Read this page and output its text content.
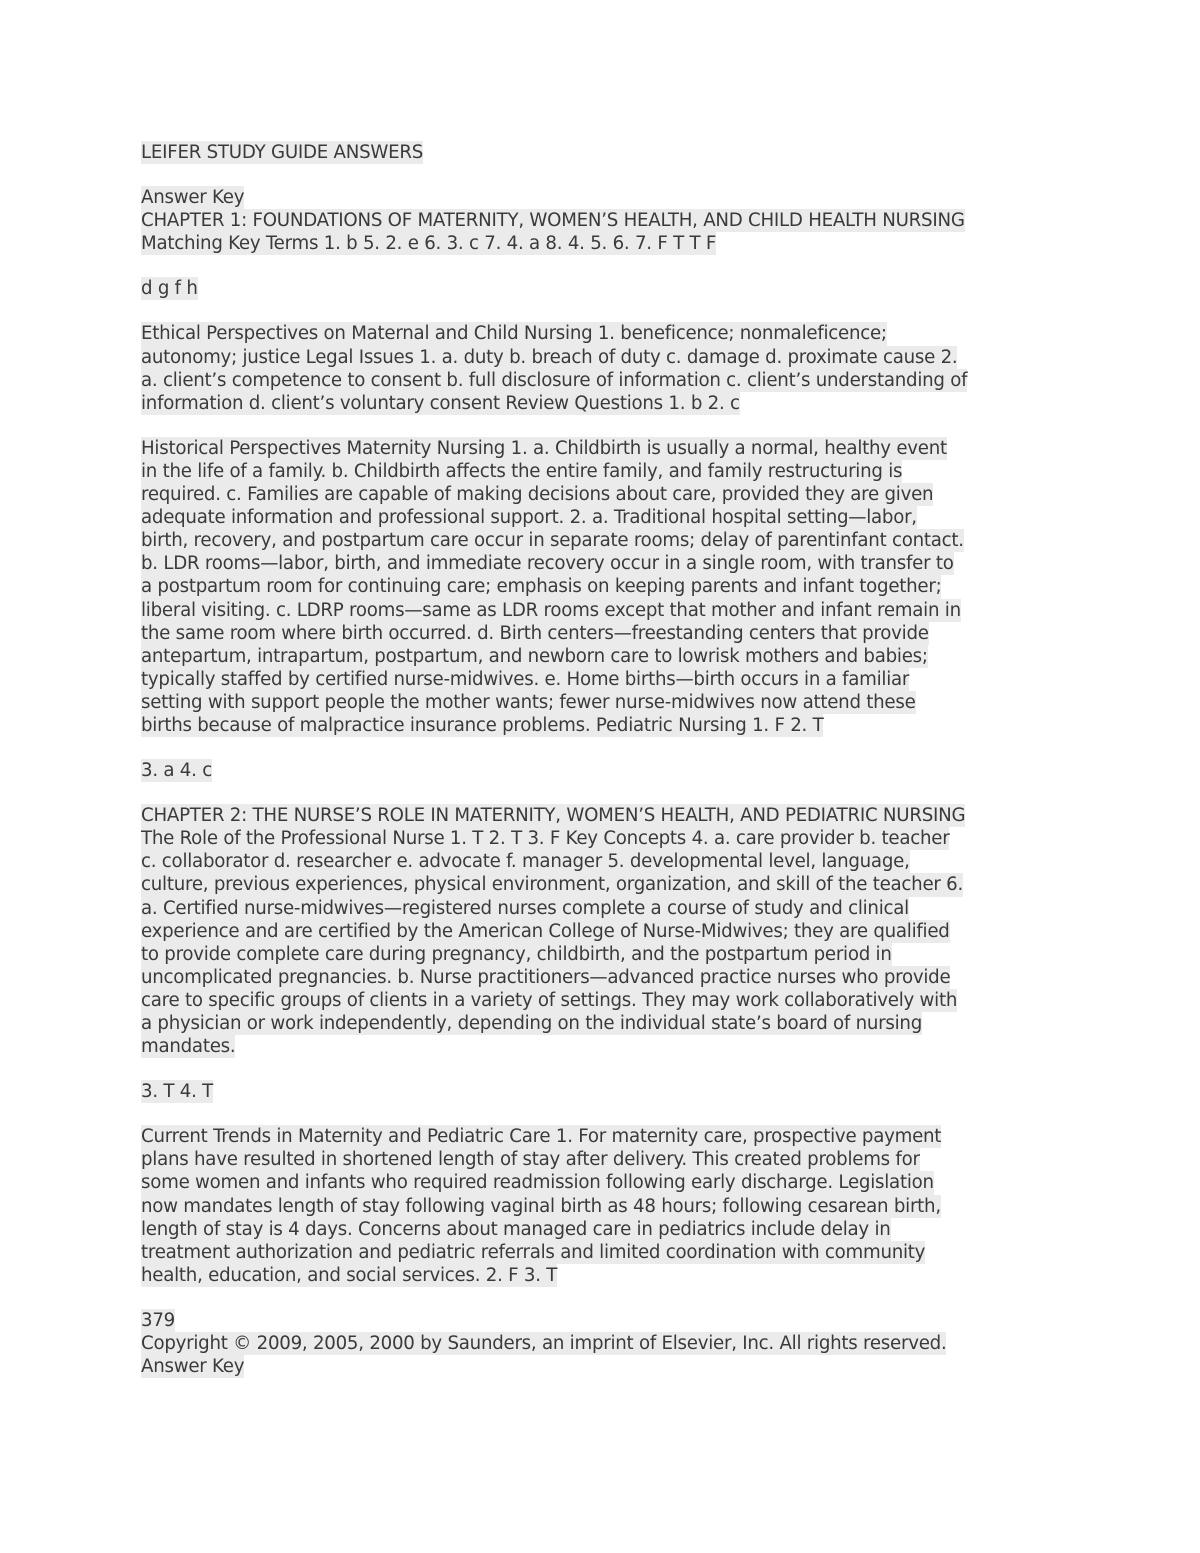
LEIFER STUDY GUIDE ANSWERS
Answer Key
CHAPTER 1: FOUNDATIONS OF MATERNITY, WOMEN’S HEALTH, AND CHILD HEALTH NURSING
Matching Key Terms 1. b 5. 2. e 6. 3. c 7. 4. a 8. 4. 5. 6. 7. F T T F
d g f h
Ethical Perspectives on Maternal and Child Nursing 1. beneficence; nonmaleficence;
autonomy; justice Legal Issues 1. a. duty b. breach of duty c. damage d. proximate cause 2.
a. client’s competence to consent b. full disclosure of information c. client’s understanding of
information d. client’s voluntary consent Review Questions 1. b 2. c
Historical Perspectives Maternity Nursing 1. a. Childbirth is usually a normal, healthy event
in the life of a family. b. Childbirth affects the entire family, and family restructuring is
required. c. Families are capable of making decisions about care, provided they are given
adequate information and professional support. 2. a. Traditional hospital setting—labor,
birth, recovery, and postpartum care occur in separate rooms; delay of parentinfant contact.
b. LDR rooms—labor, birth, and immediate recovery occur in a single room, with transfer to
a postpartum room for continuing care; emphasis on keeping parents and infant together;
liberal visiting. c. LDRP rooms—same as LDR rooms except that mother and infant remain in
the same room where birth occurred. d. Birth centers—freestanding centers that provide
antepartum, intrapartum, postpartum, and newborn care to lowrisk mothers and babies;
typically staffed by certified nurse-midwives. e. Home births—birth occurs in a familiar
setting with support people the mother wants; fewer nurse-midwives now attend these
births because of malpractice insurance problems. Pediatric Nursing 1. F 2. T
3. a 4. c
CHAPTER 2: THE NURSE’S ROLE IN MATERNITY, WOMEN’S HEALTH, AND PEDIATRIC NURSING
The Role of the Professional Nurse 1. T 2. T 3. F Key Concepts 4. a. care provider b. teacher
c. collaborator d. researcher e. advocate f. manager 5. developmental level, language,
culture, previous experiences, physical environment, organization, and skill of the teacher 6.
a. Certified nurse-midwives—registered nurses complete a course of study and clinical
experience and are certified by the American College of Nurse-Midwives; they are qualified
to provide complete care during pregnancy, childbirth, and the postpartum period in
uncomplicated pregnancies. b. Nurse practitioners—advanced practice nurses who provide
care to specific groups of clients in a variety of settings. They may work collaboratively with
a physician or work independently, depending on the individual state’s board of nursing
mandates.
3. T 4. T
Current Trends in Maternity and Pediatric Care 1. For maternity care, prospective payment
plans have resulted in shortened length of stay after delivery. This created problems for
some women and infants who required readmission following early discharge. Legislation
now mandates length of stay following vaginal birth as 48 hours; following cesarean birth,
length of stay is 4 days. Concerns about managed care in pediatrics include delay in
treatment authorization and pediatric referrals and limited coordination with community
health, education, and social services. 2. F 3. T
379
Copyright © 2009, 2005, 2000 by Saunders, an imprint of Elsevier, Inc. All rights reserved.
Answer Key
